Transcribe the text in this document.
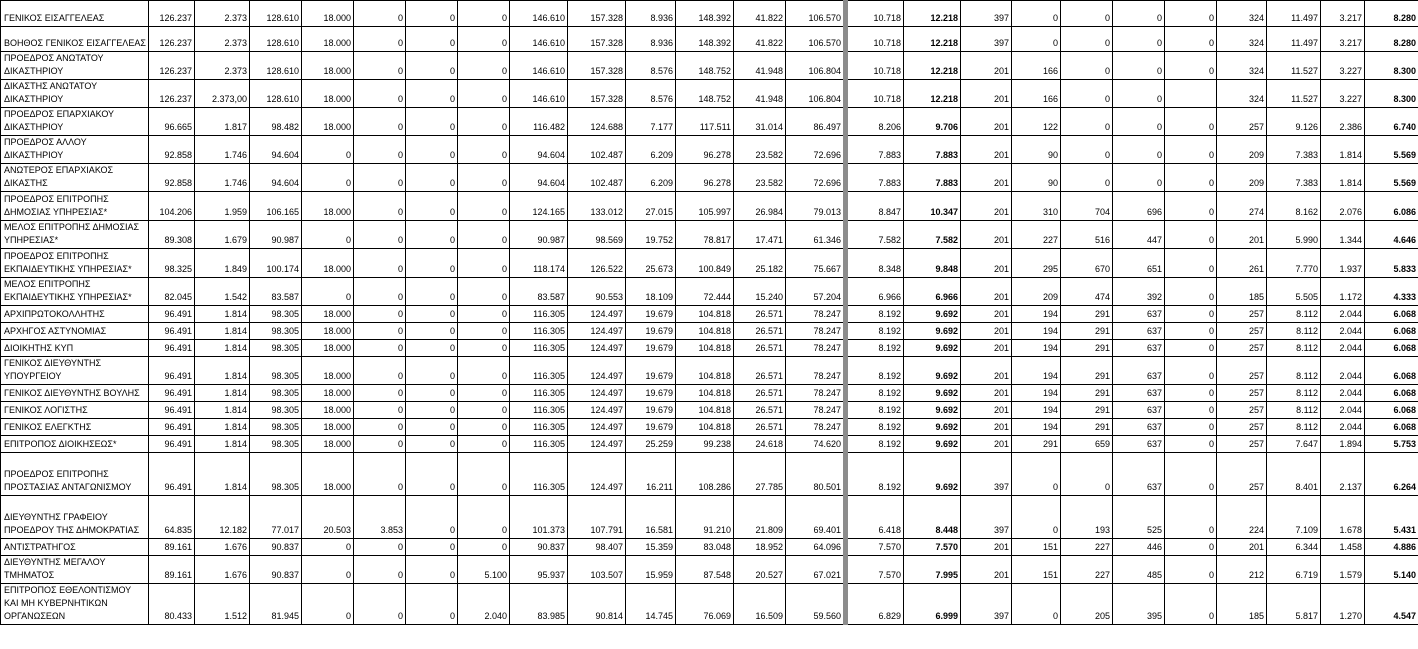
ΓΕΝΙΚΟΣ ΕΙΣΑΓΓΕΛΕΑΣ	126.237	2.373	128.610	18.000	0	0	0	146.610	157.328	8.936	148.392	41.822	106.570	10.718	12.218	397	0	0	0	0	324	11.497	3.217	8.280
ΒΟΗΘΟΣ ΓΕΝΙΚΟΣ ΕΙΣΑΓΓΕΛΕΑΣ	126.237	2.373	128.610	18.000	0	0	0	146.610	157.328	8.936	148.392	41.822	106.570	10.718	12.218	397	0	0	0	0	324	11.497	3.217	8.280
ΠΡΟΕΔΡΟΣ ΑΝΩΤΑΤΟΥ ΔΙΚΑΣΤΗΡΙΟΥ	126.237	2.373	128.610	18.000	0	0	0	146.610	157.328	8.576	148.752	41.948	106.804	10.718	12.218	201	166	0	0	0	324	11.527	3.227	8.300
ΔΙΚΑΣΤΗΣ ΑΝΩΤΑΤΟΥ ΔΙΚΑΣΤΗΡΙΟΥ	126.237	2.373,00	128.610	18.000	0	0	0	146.610	157.328	8.576	148.752	41.948	106.804	10.718	12.218	201	166	0	0		324	11.527	3.227	8.300
ΠΡΟΕΔΡΟΣ ΕΠΑΡΧΙΑΚΟΥ ΔΙΚΑΣΤΗΡΙΟΥ	96.665	1.817	98.482	18.000	0	0	0	116.482	124.688	7.177	117.511	31.014	86.497	8.206	9.706	201	122	0	0	0	257	9.126	2.386	6.740
ΠΡΟΕΔΡΟΣ ΑΛΛΟΥ ΔΙΚΑΣΤΗΡΙΟΥ	92.858	1.746	94.604	0	0	0	0	94.604	102.487	6.209	96.278	23.582	72.696	7.883	7.883	201	90	0	0	0	209	7.383	1.814	5.569
ΑΝΩΤΕΡΟΣ ΕΠΑΡΧΙΑΚΟΣ ΔΙΚΑΣΤΗΣ	92.858	1.746	94.604	0	0	0	0	94.604	102.487	6.209	96.278	23.582	72.696	7.883	7.883	201	90	0	0	0	209	7.383	1.814	5.569
ΠΡΟΕΔΡΟΣ ΕΠΙΤΡΟΠΗΣ ΔΗΜΟΣΙΑΣ ΥΠΗΡΕΣΙΑΣ*	104.206	1.959	106.165	18.000	0	0	0	124.165	133.012	27.015	105.997	26.984	79.013	8.847	10.347	201	310	704	696	0	274	8.162	2.076	6.086
ΜΕΛΟΣ ΕΠΙΤΡΟΠΗΣ ΔΗΜΟΣΙΑΣ ΥΠΗΡΕΣΙΑΣ*	89.308	1.679	90.987	0	0	0	0	90.987	98.569	19.752	78.817	17.471	61.346	7.582	7.582	201	227	516	447	0	201	5.990	1.344	4.646
ΠΡΟΕΔΡΟΣ ΕΠΙΤΡΟΠΗΣ ΕΚΠΑΙΔΕΥΤΙΚΗΣ ΥΠΗΡΕΣΙΑΣ*	98.325	1.849	100.174	18.000	0	0	0	118.174	126.522	25.673	100.849	25.182	75.667	8.348	9.848	201	295	670	651	0	261	7.770	1.937	5.833
ΜΕΛΟΣ ΕΠΙΤΡΟΠΗΣ ΕΚΠΑΙΔΕΥΤΙΚΗΣ ΥΠΗΡΕΣΙΑΣ*	82.045	1.542	83.587	0	0	0	0	83.587	90.553	18.109	72.444	15.240	57.204	6.966	6.966	201	209	474	392	0	185	5.505	1.172	4.333
ΑΡΧΙΠΡΩΤΟΚΟΛΛΗΤΗΣ	96.491	1.814	98.305	18.000	0	0	0	116.305	124.497	19.679	104.818	26.571	78.247	8.192	9.692	201	194	291	637	0	257	8.112	2.044	6.068
ΑΡΧΗΓΟΣ ΑΣΤΥΝΟΜΙΑΣ	96.491	1.814	98.305	18.000	0	0	0	116.305	124.497	19.679	104.818	26.571	78.247	8.192	9.692	201	194	291	637	0	257	8.112	2.044	6.068
ΔΙΟΙΚΗΤΗΣ ΚΥΠ	96.491	1.814	98.305	18.000	0	0	0	116.305	124.497	19.679	104.818	26.571	78.247	8.192	9.692	201	194	291	637	0	257	8.112	2.044	6.068
ΓΕΝΙΚΟΣ ΔΙΕΥΘΥΝΤΗΣ ΥΠΟΥΡΓΕΙΟΥ	96.491	1.814	98.305	18.000	0	0	0	116.305	124.497	19.679	104.818	26.571	78.247	8.192	9.692	201	194	291	637	0	257	8.112	2.044	6.068
ΓΕΝΙΚΟΣ ΔΙΕΥΘΥΝΤΗΣ ΒΟΥΛΗΣ	96.491	1.814	98.305	18.000	0	0	0	116.305	124.497	19.679	104.818	26.571	78.247	8.192	9.692	201	194	291	637	0	257	8.112	2.044	6.068
ΓΕΝΙΚΟΣ ΛΟΓΙΣΤΗΣ	96.491	1.814	98.305	18.000	0	0	0	116.305	124.497	19.679	104.818	26.571	78.247	8.192	9.692	201	194	291	637	0	257	8.112	2.044	6.068
ΓΕΝΙΚΟΣ ΕΛΕΓΚΤΗΣ	96.491	1.814	98.305	18.000	0	0	0	116.305	124.497	19.679	104.818	26.571	78.247	8.192	9.692	201	194	291	637	0	257	8.112	2.044	6.068
ΕΠΙΤΡΟΠΟΣ ΔΙΟΙΚΗΣΕΩΣ*	96.491	1.814	98.305	18.000	0	0	0	116.305	124.497	25.259	99.238	24.618	74.620	8.192	9.692	201	291	659	637	0	257	7.647	1.894	5.753
ΠΡΟΕΔΡΟΣ ΕΠΙΤΡΟΠΗΣ ΠΡΟΣΤΑΣΙΑΣ ΑΝΤΑΓΩΝΙΣΜΟΥ	96.491	1.814	98.305	18.000	0	0	0	116.305	124.497	16.211	108.286	27.785	80.501	8.192	9.692	397	0	0	637	0	257	8.401	2.137	6.264
ΔΙΕΥΘΥΝΤΗΣ ΓΡΑΦΕΙΟΥ ΠΡΟΕΔΡΟΥ ΤΗΣ ΔΗΜΟΚΡΑΤΙΑΣ	64.835	12.182	77.017	20.503	3.853	0	0	101.373	107.791	16.581	91.210	21.809	69.401	6.418	8.448	397	0	193	525	0	224	7.109	1.678	5.431
ΑΝΤΙΣΤΡΑΤΗΓΟΣ	89.161	1.676	90.837	0	0	0	0	90.837	98.407	15.359	83.048	18.952	64.096	7.570	7.570	201	151	227	446	0	201	6.344	1.458	4.886
ΔΙΕΥΘΥΝΤΗΣ ΜΕΓΑΛΟΥ ΤΜΗΜΑΤΟΣ	89.161	1.676	90.837	0	0	0	5.100	95.937	103.507	15.959	87.548	20.527	67.021	7.570	7.995	201	151	227	485	0	212	6.719	1.579	5.140
ΕΠΙΤΡΟΠΟΣ ΕΘΕΛΟΝΤΙΣΜΟΥ ΚΑΙ ΜΗ ΚΥΒΕΡΝΗΤΙΚΩΝ ΟΡΓΑΝΩΣΕΩΝ	80.433	1.512	81.945	0	0	0	2.040	83.985	90.814	14.745	76.069	16.509	59.560	6.829	6.999	397	0	205	395	0	185	5.817	1.270	4.547
